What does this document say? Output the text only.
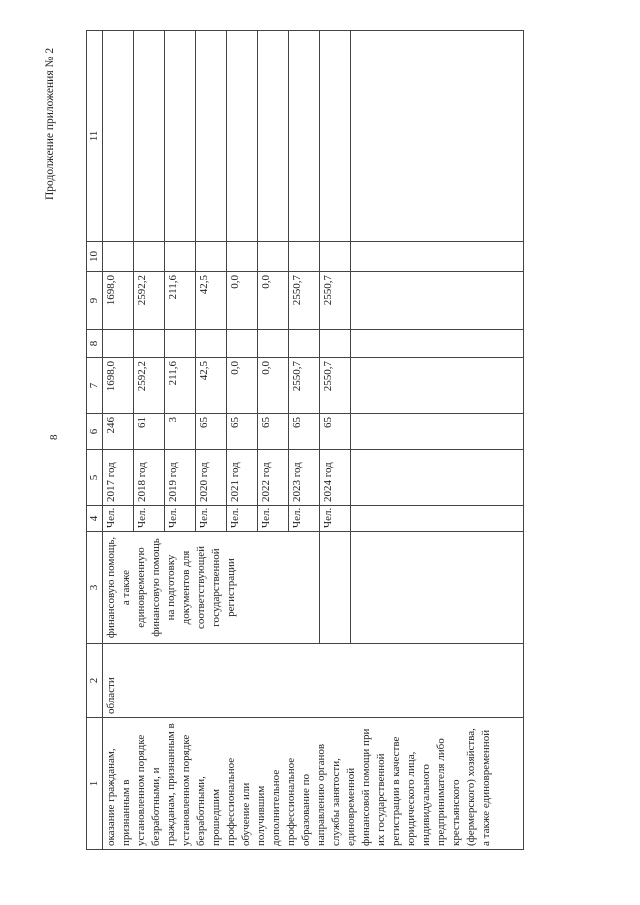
8
Продолжение приложения № 2
1	2	3	4	5	6	7	8	9	10	11
оказание гражданам, признанным в установленном порядке безработными, и гражданам, признанным в установленном порядке безработными, прошедшим профессиональное обучение или получившим дополнительное профессиональное образование по направлению органов службы занятости, единовременной финансовой помощи при их государственной регистрации в качестве юридического лица, индивидуального предпринимателя либо крестьянского (фермерского) хозяйства, а также единовременной	области	финансовую помощь, а также единовременную финансовую помощь на подготовку документов для соответствующей государственной регистрации	Чел.	2017 год	246	1698,0		1698,0		
			Чел.	2018 год	61	2592,2		2592,2		
			Чел.	2019 год	3	211,6		211,6		
			Чел.	2020 год	65	42,5		42,5		
			Чел.	2021 год	65	0,0		0,0		
			Чел.	2022 год	65	0,0		0,0		
			Чел.	2023 год	65	2550,7		2550,7		
			Чел.	2024 год	65	2550,7		2550,7		
